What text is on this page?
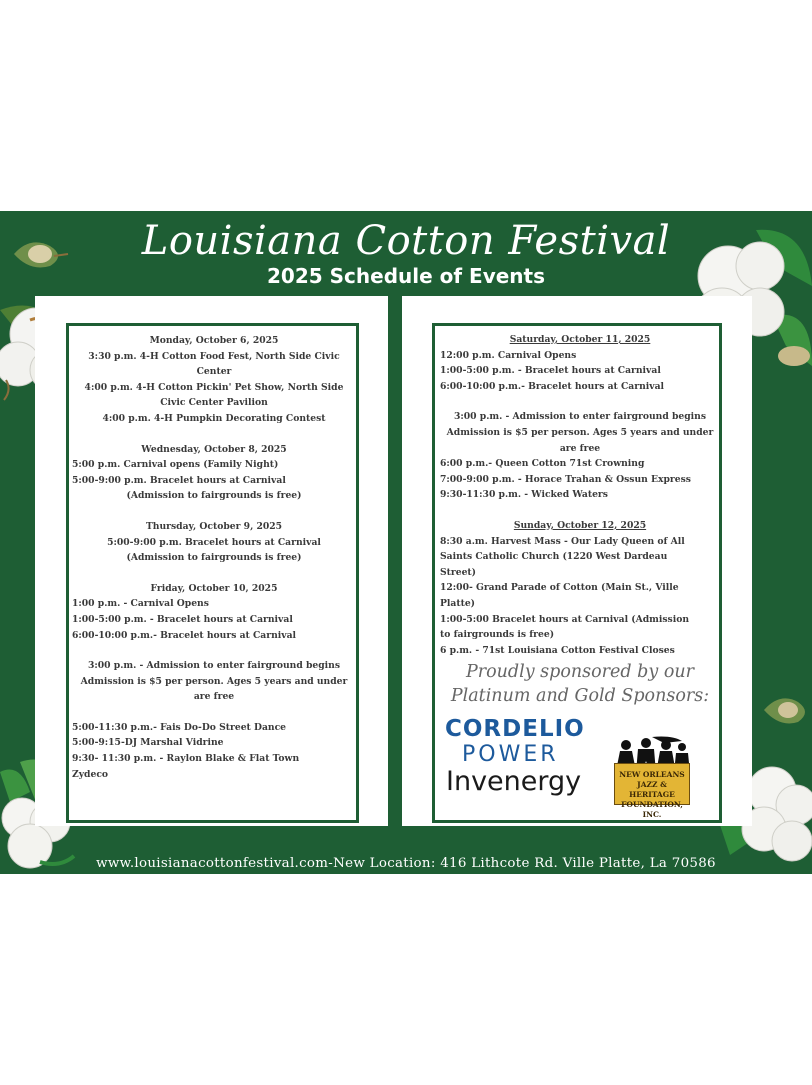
Louisiana Cotton Festival
2025 Schedule of Events
Monday, October 6, 2025
3:30 p.m. 4-H Cotton Food Fest, North Side Civic
Center
4:00 p.m. 4-H Cotton Pickin' Pet Show, North Side
Civic Center Pavilion
4:00 p.m. 4-H Pumpkin Decorating Contest
Wednesday, October 8, 2025
5:00 p.m. Carnival opens (Family Night)
5:00-9:00 p.m. Bracelet hours at Carnival
(Admission to fairgrounds is free)
Thursday, October 9, 2025
5:00-9:00 p.m. Bracelet hours at Carnival
(Admission to fairgrounds is free)
Friday, October 10, 2025
1:00 p.m. - Carnival Opens
1:00-5:00 p.m. - Bracelet hours at Carnival
6:00-10:00 p.m.- Bracelet hours at Carnival
3:00 p.m. - Admission to enter fairground begins Admission is $5 per person. Ages 5 years and under are free
5:00-11:30 p.m.- Fais Do-Do Street Dance
5:00-9:15-DJ Marshal Vidrine
9:30- 11:30 p.m. - Raylon Blake & Flat Town
Zydeco
Saturday, October 11, 2025
12:00 p.m. Carnival Opens
1:00-5:00 p.m. - Bracelet hours at Carnival
6:00-10:00 p.m.- Bracelet hours at Carnival
3:00 p.m. - Admission to enter fairground begins Admission is $5 per person. Ages 5 years and under are free
6:00 p.m.- Queen Cotton 71st Crowning
7:00-9:00 p.m. - Horace Trahan & Ossun Express
9:30-11:30 p.m. - Wicked Waters
Sunday, October 12, 2025
8:30 a.m. Harvest Mass - Our Lady Queen of All
Saints Catholic Church (1220 West Dardeau
Street)
12:00- Grand Parade of Cotton (Main St., Ville
Platte)
1:00-5:00 Bracelet hours at Carnival (Admission
to fairgrounds is free)
6 p.m. - 71st Louisiana Cotton Festival Closes
Proudly sponsored by our
Platinum and Gold Sponsors:
CORDELIO
POWER
Invenergy	NEW ORLEANS
JAZZ & HERITAGE
FOUNDATION, INC.
www.louisianacottonfestival.com-New Location: 416 Lithcote Rd. Ville Platte, La 70586
